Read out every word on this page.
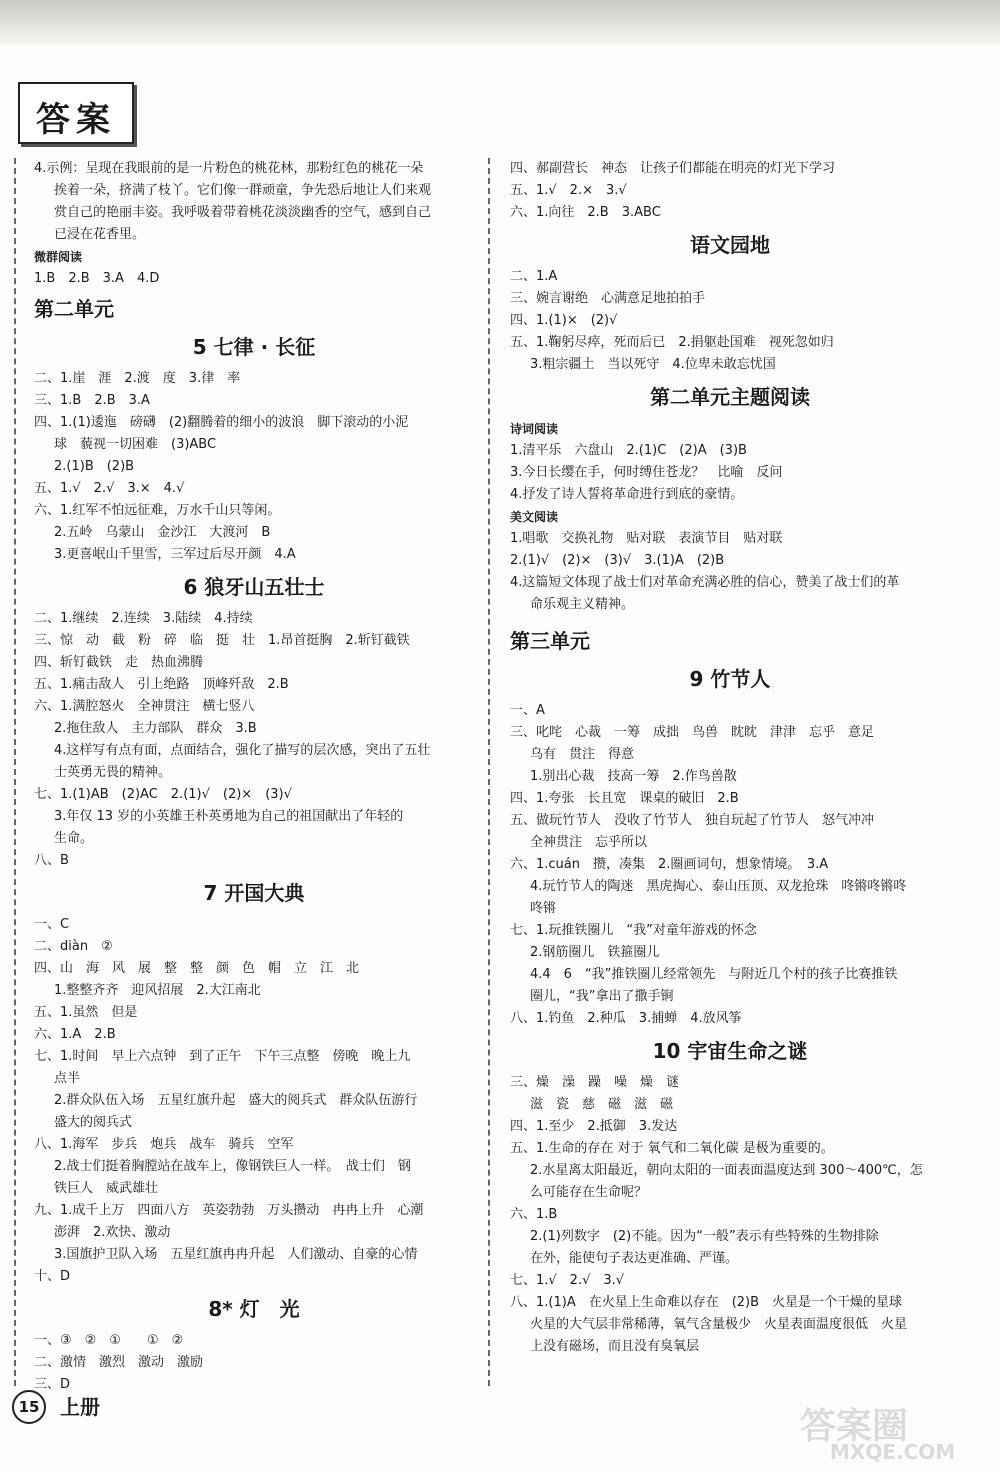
答案
4.示例：呈现在我眼前的是一片粉色的桃花林，那粉红色的桃花一朵
挨着一朵，挤满了枝丫。它们像一群顽童，争先恐后地让人们来观
赏自己的艳丽丰姿。我呼吸着带着桃花淡淡幽香的空气，感到自己
已浸在花香里。
微群阅读
1.B　2.B　3.A　4.D
第二单元
5 七律 · 长征
二、1.崖　涯　2.渡　度　3.律　率
三、1.B　2.B　3.A
四、1.(1)逶迤　磅礴　(2)翻腾着的细小的波浪　脚下滚动的小泥
球　藐视一切困难　(3)ABC
2.(1)B　(2)B
五、1.√　2.√　3.×　4.√
六、1.红军不怕远征难，万水千山只等闲。
2.五岭　乌蒙山　金沙江　大渡河　B
3.更喜岷山千里雪，三军过后尽开颜　4.A
6 狼牙山五壮士
二、1.继续　2.连续　3.陆续　4.持续
三、惊　动　截　粉　碎　临　挺　壮　1.昂首挺胸　2.斩钉截铁
四、斩钉截铁　走　热血沸腾
五、1.痛击敌人　引上绝路　顶峰歼敌　2.B
六、1.满腔怒火　全神贯注　横七竖八
2.拖住敌人　主力部队　群众　3.B
4.这样写有点有面，点面结合，强化了描写的层次感，突出了五壮
士英勇无畏的精神。
七、1.(1)AB　(2)AC　2.(1)√　(2)×　(3)√
3.年仅 13 岁的小英雄王朴英勇地为自己的祖国献出了年轻的
生命。
八、B
7 开国大典
一、C
二、diàn　②
四、山　海　风　展　整　整　颜　色　帽　立　江　北
1.整整齐齐　迎风招展　2.大江南北
五、1.虽然　但是
六、1.A　2.B
七、1.时间　早上六点钟　到了正午　下午三点整　傍晚　晚上九
点半
2.群众队伍入场　五星红旗升起　盛大的阅兵式　群众队伍游行
盛大的阅兵式
八、1.海军　步兵　炮兵　战车　骑兵　空军
2.战士们挺着胸膛站在战车上，像钢铁巨人一样。　战士们　钢
铁巨人　威武雄壮
九、1.成千上万　四面八方　英姿勃勃　万头攒动　冉冉上升　心潮
澎湃　2.欢快、激动
3.国旗护卫队入场　五星红旗冉冉升起　人们激动、自豪的心情
十、D
8* 灯　光
一、③　②　①　　①　②
二、激情　激烈　激动　激励
三、D
四、郝副营长　神态　让孩子们都能在明亮的灯光下学习
五、1.√　2.×　3.√
六、1.向往　2.B　3.ABC
语文园地
二、1.A
三、婉言谢绝　心满意足地拍拍手
四、1.(1)×　(2)√
五、1.鞠躬尽瘁，死而后已　2.捐躯赴国难　视死忽如归
3.粗宗疆土　当以死守　4.位卑未敢忘忧国
第二单元主题阅读
诗词阅读
1.清平乐　六盘山　2.(1)C　(2)A　(3)B
3.今日长缨在手，何时缚住苍龙？　比喻　反问
4.抒发了诗人誓将革命进行到底的豪情。
美文阅读
1.唱歌　交换礼物　贴对联　表演节目　贴对联
2.(1)√　(2)×　(3)√　3.(1)A　(2)B
4.这篇短文体现了战士们对革命充满必胜的信心，赞美了战士们的革
命乐观主义精神。
第三单元
9 竹节人
一、A
三、叱咤　心裁　一筹　成拙　鸟兽　眈眈　津津　忘乎　意足
乌有　贯注　得意
1.别出心裁　技高一筹　2.作鸟兽散
四、1.夸张　长且宽　课桌的破旧　2.B
五、做玩竹节人　没收了竹节人　独自玩起了竹节人　怒气冲冲
全神贯注　忘乎所以
六、1.cuán　攒，凑集　2.圈画词句，想象情境。　3.A
4.玩竹节人的陶迷　黑虎掏心、泰山压顶、双龙抢珠　咚锵咚锵咚
咚锵
七、1.玩推铁圈儿　“我”对童年游戏的怀念
2.钢筋圈儿　铁箍圈儿
4.4　6　“我”推铁圈儿经常领先　与附近几个村的孩子比赛推铁
圈儿，“我”拿出了撒手锏
八、1.钓鱼　2.种瓜　3.捕蝉　4.放风筝
10 宇宙生命之谜
三、燥　澡　躁　噪　燥　谜
滋　瓷　慈　磁　滋　磁
四、1.至少　2.抵御　3.发达
五、1.生命的存在 对于 氧气和二氧化碳 是极为重要的。
2.水星离太阳最近，朝向太阳的一面表面温度达到 300～400℃，怎
么可能存在生命呢？
六、1.B
2.(1)列数字　(2)不能。因为“一般”表示有些特殊的生物排除
在外，能使句子表达更准确、严谨。
七、1.√　2.√　3.√
八、1.(1)A　在火星上生命难以存在　(2)B　火星是一个干燥的星球
火星的大气层非常稀薄，氧气含量极少　火星表面温度很低　火星
上没有磁场，而且没有臭氧层
15	上册	答案圈
MXQE.COM
